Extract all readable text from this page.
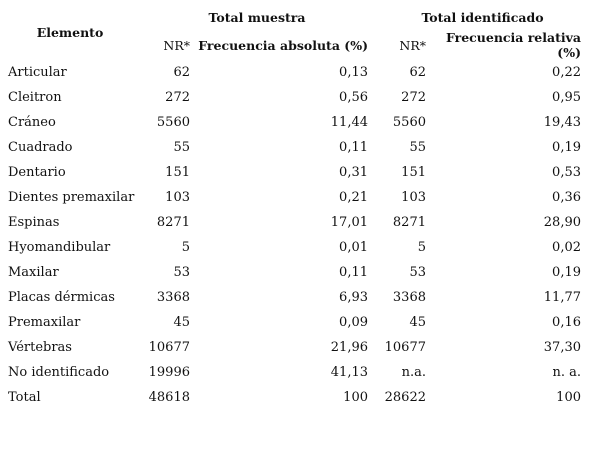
Elemento	Total muestra		Total identificado	
	NR*	Frecuencia absoluta (%)	NR*	Frecuencia relativa (%)
Articular	62	0,13	62	0,22
Cleitron	272	0,56	272	0,95
Cráneo	5560	11,44	5560	19,43
Cuadrado	55	0,11	55	0,19
Dentario	151	0,31	151	0,53
Dientes premaxilar	103	0,21	103	0,36
Espinas	8271	17,01	8271	28,90
Hyomandibular	5	0,01	5	0,02
Maxilar	53	0,11	53	0,19
Placas dérmicas	3368	6,93	3368	11,77
Premaxilar	45	0,09	45	0,16
Vértebras	10677	21,96	10677	37,30
No identificado	19996	41,13	n.a.	n. a.
Total	48618	100	28622	100
